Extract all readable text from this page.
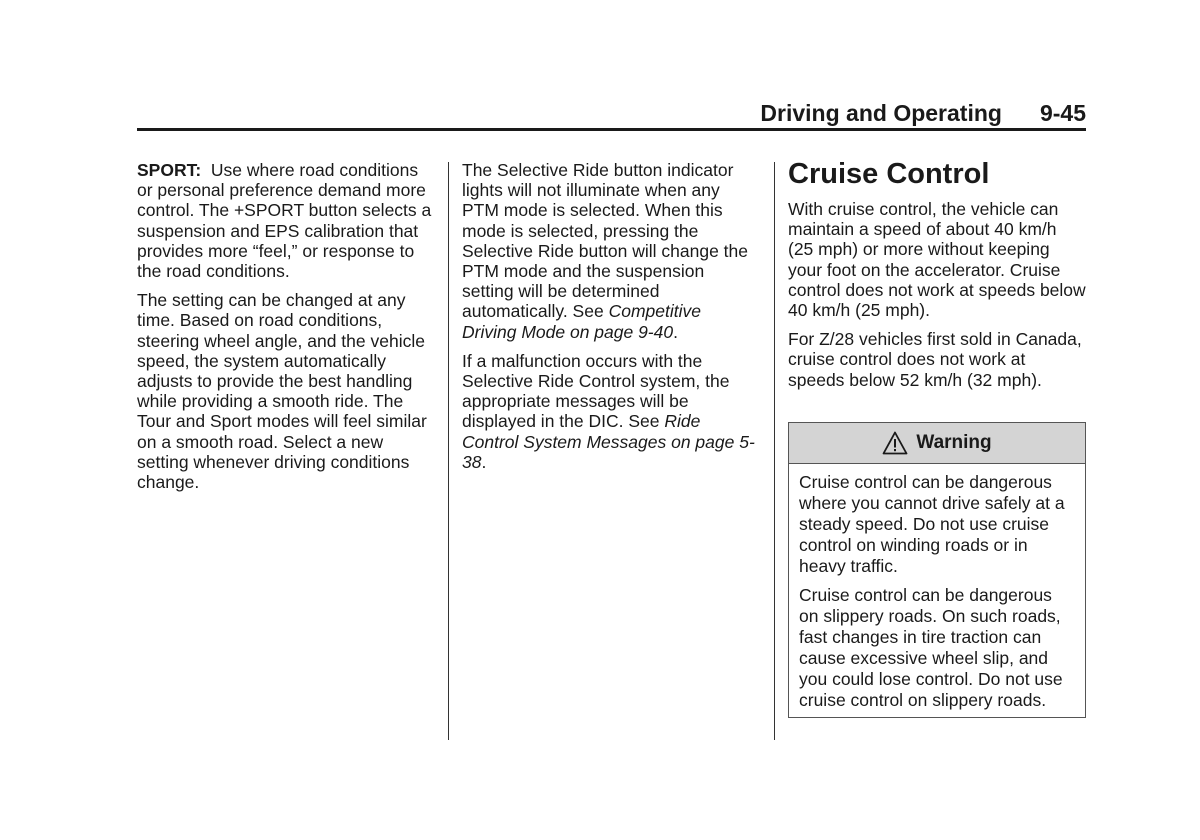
Driving and Operating 9-45

SPORT: Use where road conditions or personal preference demand more control. The +SPORT button selects a suspension and EPS calibration that provides more “feel,” or response to the road conditions.

The setting can be changed at any time. Based on road conditions, steering wheel angle, and the vehicle speed, the system automatically adjusts to provide the best handling while providing a smooth ride. The Tour and Sport modes will feel similar on a smooth road. Select a new setting whenever driving conditions change.

The Selective Ride button indicator lights will not illuminate when any PTM mode is selected. When this mode is selected, pressing the Selective Ride button will change the PTM mode and the suspension setting will be determined automatically. See Competitive Driving Mode on page 9-40.

If a malfunction occurs with the Selective Ride Control system, the appropriate messages will be displayed in the DIC. See Ride Control System Messages on page 5-38.

Cruise Control

With cruise control, the vehicle can maintain a speed of about 40 km/h (25 mph) or more without keeping your foot on the accelerator. Cruise control does not work at speeds below 40 km/h (25 mph).

For Z/28 vehicles first sold in Canada, cruise control does not work at speeds below 52 km/h (32 mph).

Warning

Cruise control can be dangerous where you cannot drive safely at a steady speed. Do not use cruise control on winding roads or in heavy traffic.

Cruise control can be dangerous on slippery roads. On such roads, fast changes in tire traction can cause excessive wheel slip, and you could lose control. Do not use cruise control on slippery roads.
